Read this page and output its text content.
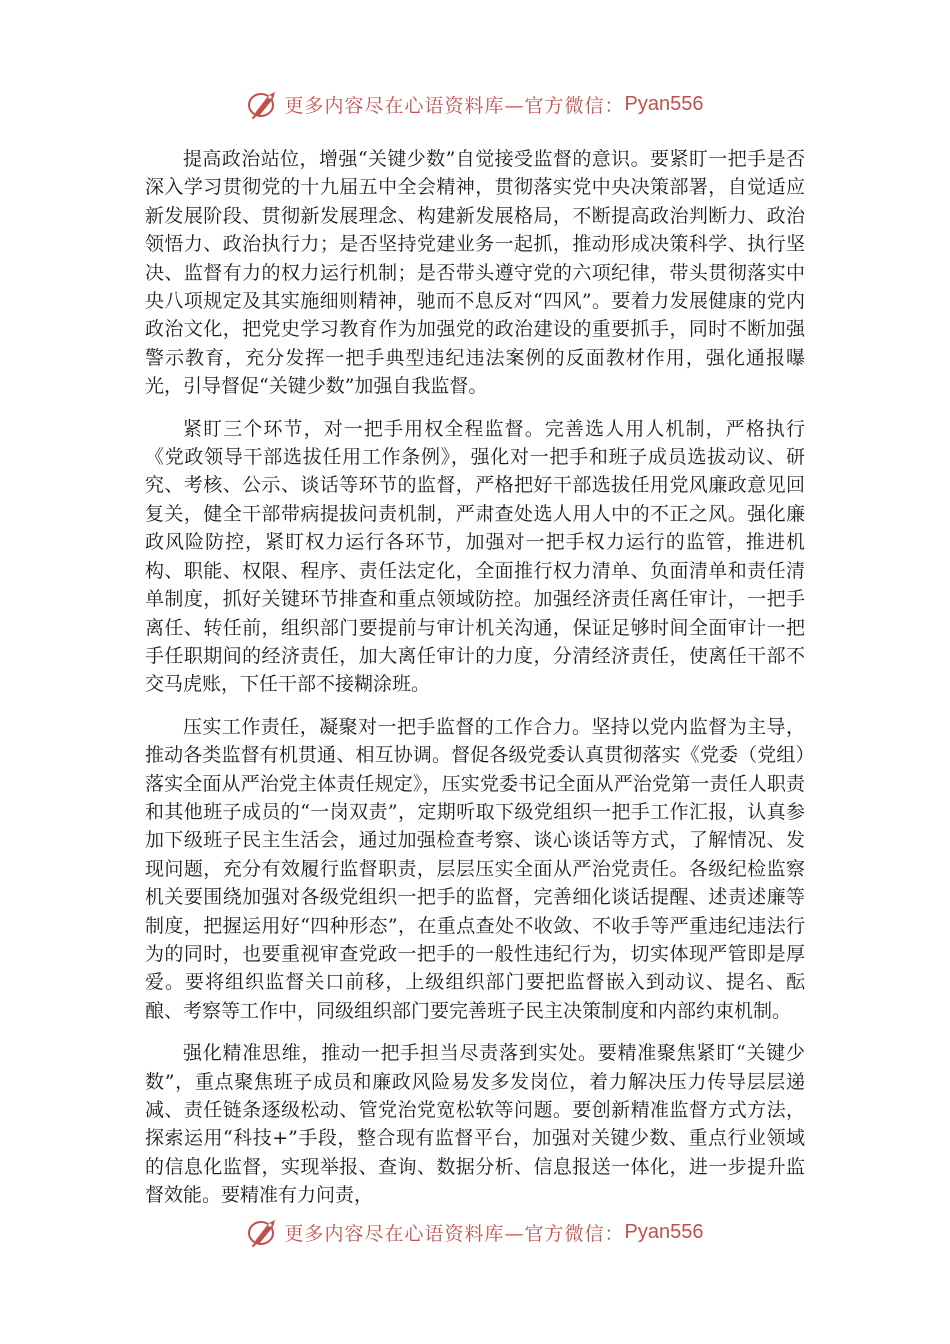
更多内容尽在心语资料库—官方微信： Pyan556

提高政治站位，增强“关键少数”自觉接受监督的意识。要紧盯一把手是否深入学习贯彻党的十九届五中全会精神，贯彻落实党中央决策部署，自觉适应新发展阶段、贯彻新发展理念、构建新发展格局，不断提高政治判断力、政治领悟力、政治执行力；是否坚持党建业务一起抓，推动形成决策科学、执行坚决、监督有力的权力运行机制；是否带头遵守党的六项纪律，带头贯彻落实中央八项规定及其实施细则精神，驰而不息反对“四风”。要着力发展健康的党内政治文化，把党史学习教育作为加强党的政治建设的重要抓手，同时不断加强警示教育，充分发挥一把手典型违纪违法案例的反面教材作用，强化通报曝光，引导督促“关键少数”加强自我监督。

紧盯三个环节，对一把手用权全程监督。完善选人用人机制，严格执行《党政领导干部选拔任用工作条例》，强化对一把手和班子成员选拔动议、研究、考核、公示、谈话等环节的监督，严格把好干部选拔任用党风廉政意见回复关，健全干部带病提拔问责机制，严肃查处选人用人中的不正之风。强化廉政风险防控，紧盯权力运行各环节，加强对一把手权力运行的监管，推进机构、职能、权限、程序、责任法定化，全面推行权力清单、负面清单和责任清单制度，抓好关键环节排查和重点领域防控。加强经济责任离任审计，一把手离任、转任前，组织部门要提前与审计机关沟通，保证足够时间全面审计一把手任职期间的经济责任，加大离任审计的力度，分清经济责任，使离任干部不交马虎账，下任干部不接糊涂班。

压实工作责任，凝聚对一把手监督的工作合力。坚持以党内监督为主导，推动各类监督有机贯通、相互协调。督促各级党委认真贯彻落实《党委（党组）落实全面从严治党主体责任规定》，压实党委书记全面从严治党第一责任人职责和其他班子成员的“一岗双责”，定期听取下级党组织一把手工作汇报，认真参加下级班子民主生活会，通过加强检查考察、谈心谈话等方式，了解情况、发现问题，充分有效履行监督职责，层层压实全面从严治党责任。各级纪检监察机关要围绕加强对各级党组织一把手的监督，完善细化谈话提醒、述责述廉等制度，把握运用好“四种形态”，在重点查处不收敛、不收手等严重违纪违法行为的同时，也要重视审查党政一把手的一般性违纪行为，切实体现严管即是厚爱。要将组织监督关口前移，上级组织部门要把监督嵌入到动议、提名、酝酿、考察等工作中，同级组织部门要完善班子民主决策制度和内部约束机制。

强化精准思维，推动一把手担当尽责落到实处。要精准聚焦紧盯“关键少数”，重点聚焦班子成员和廉政风险易发多发岗位，着力解决压力传导层层递减、责任链条逐级松动、管党治党宽松软等问题。要创新精准监督方式方法，探索运用“科技+”手段，整合现有监督平台，加强对关键少数、重点行业领域的信息化监督，实现举报、查询、数据分析、信息报送一体化，进一步提升监督效能。要精准有力问责，

更多内容尽在心语资料库—官方微信： Pyan556
